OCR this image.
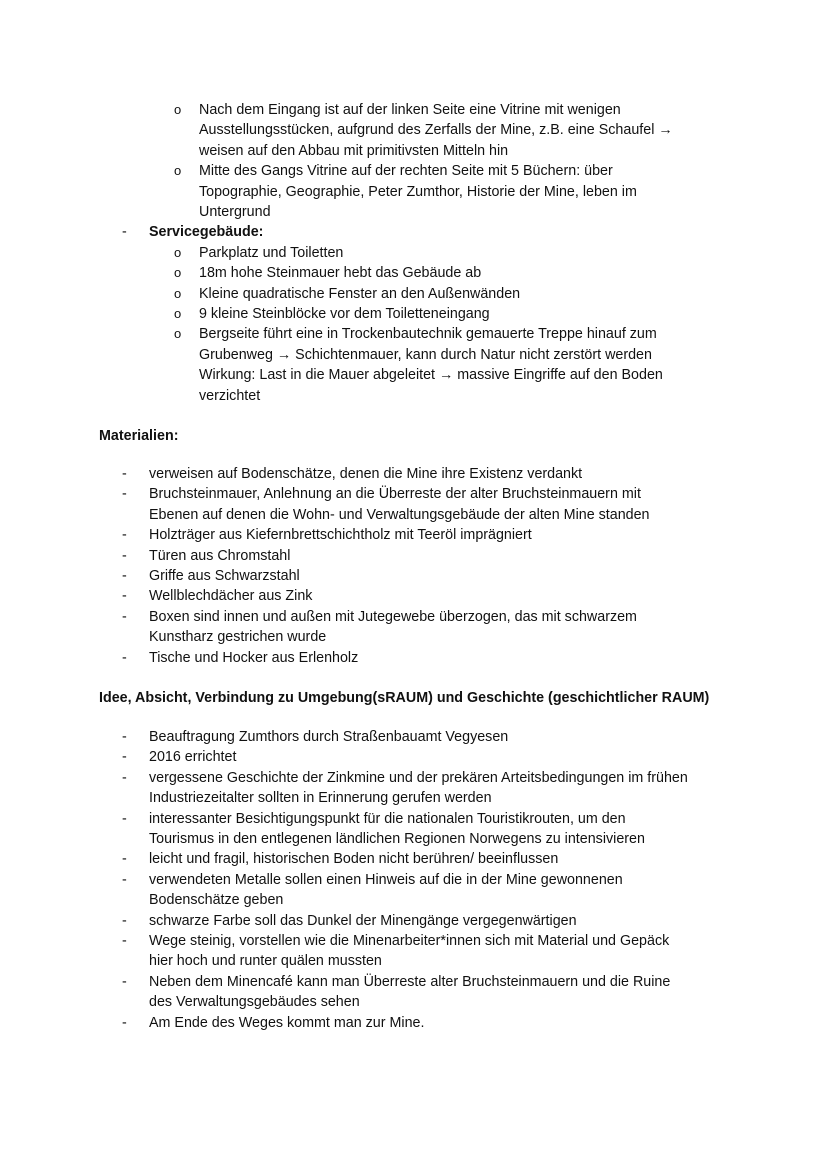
o Nach dem Eingang ist auf der linken Seite eine Vitrine mit wenigen
Ausstellungsstücken, aufgrund des Zerfalls der Mine, z.B. eine Schaufel →
weisen auf den Abbau mit primitivsten Mitteln hin
o Mitte des Gangs Vitrine auf der rechten Seite mit 5 Büchern: über
Topographie, Geographie, Peter Zumthor, Historie der Mine, leben im
Untergrund
- Servicegebäude:
o Parkplatz und Toiletten
o 18m hohe Steinmauer hebt das Gebäude ab
o Kleine quadratische Fenster an den Außenwänden
o 9 kleine Steinblöcke vor dem Toiletteneingang
o Bergseite führt eine in Trockenbautechnik gemauerte Treppe hinauf zum
Grubenweg → Schichtenmauer, kann durch Natur nicht zerstört werden
Wirkung: Last in die Mauer abgeleitet → massive Eingriffe auf den Boden
verzichtet
Materialien:
- verweisen auf Bodenschätze, denen die Mine ihre Existenz verdankt
- Bruchsteinmauer, Anlehnung an die Überreste der alter Bruchsteinmauern mit
Ebenen auf denen die Wohn- und Verwaltungsgebäude der alten Mine standen
- Holzträger aus Kiefernbrettschichtholz mit Teeröl imprägniert
- Türen aus Chromstahl
- Griffe aus Schwarzstahl
- Wellblechdächer aus Zink
- Boxen sind innen und außen mit Jutegewebe überzogen, das mit schwarzem
Kunstharz gestrichen wurde
- Tische und Hocker aus Erlenholz
Idee, Absicht, Verbindung zu Umgebung(sRAUM) und Geschichte (geschichtlicher RAUM)
- Beauftragung Zumthors durch Straßenbauamt Vegyesen
- 2016 errichtet
- vergessene Geschichte der Zinkmine und der prekären Arteitsbedingungen im frühen
Industriezeitalter sollten in Erinnerung gerufen werden
- interessanter Besichtigungspunkt für die nationalen Touristikrouten, um den
Tourismus in den entlegenen ländlichen Regionen Norwegens zu intensivieren
- leicht und fragil, historischen Boden nicht berühren/ beeinflussen
- verwendeten Metalle sollen einen Hinweis auf die in der Mine gewonnenen
Bodenschätze geben
- schwarze Farbe soll das Dunkel der Minengänge vergegenwärtigen
- Wege steinig, vorstellen wie die Minenarbeiter*innen sich mit Material und Gepäck
hier hoch und runter quälen mussten
- Neben dem Minencafé kann man Überreste alter Bruchsteinmauern und die Ruine
des Verwaltungsgebäudes sehen
- Am Ende des Weges kommt man zur Mine.
